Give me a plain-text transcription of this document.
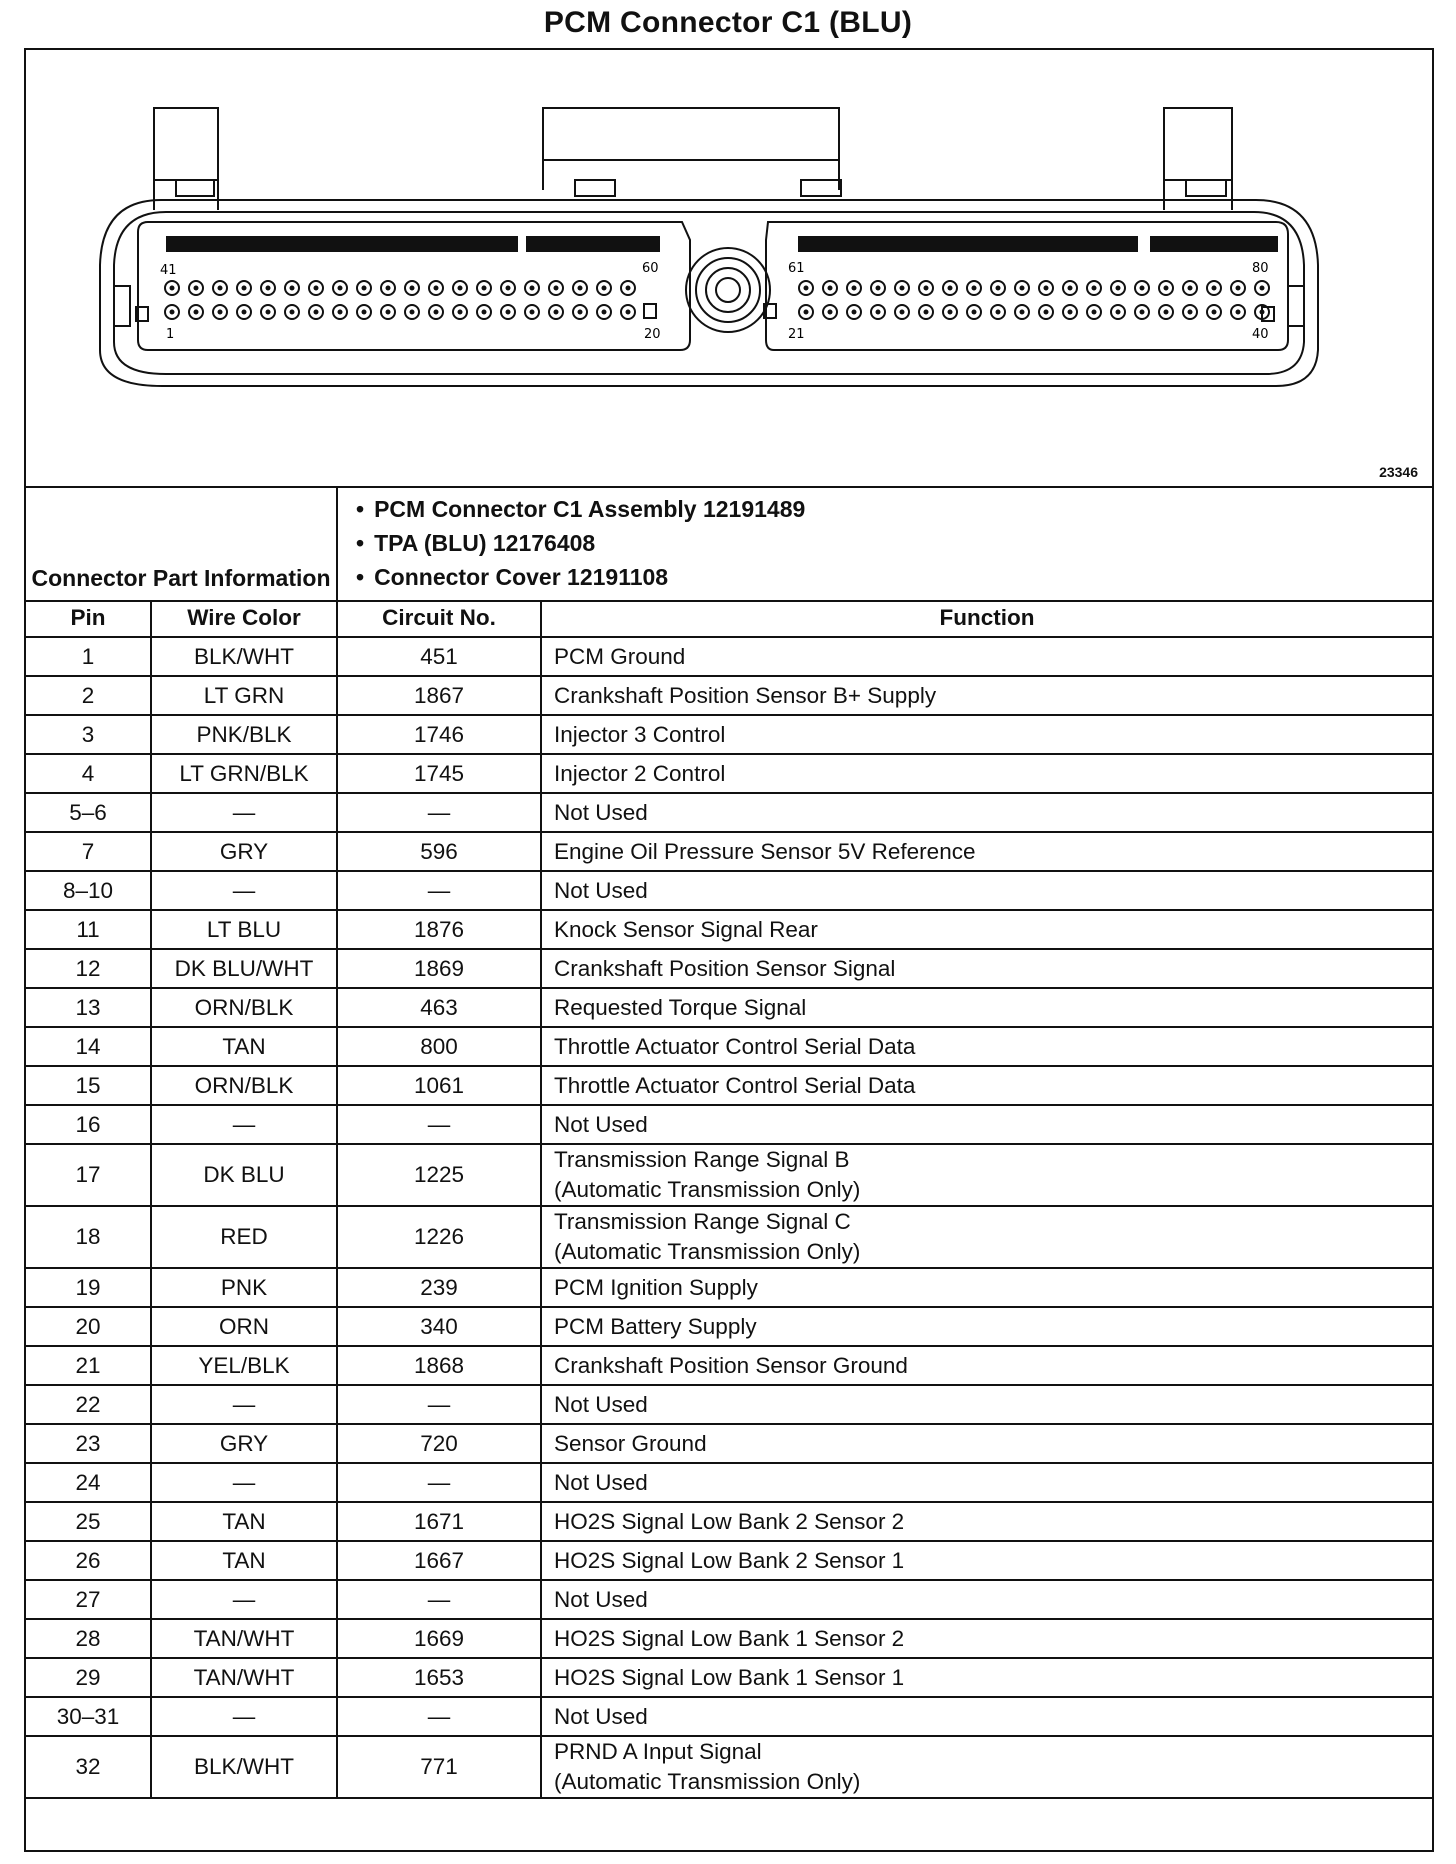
PCM Connector C1 (BLU)
41	60
1	20
61	80
21	40
23346
Connector Part Information
• PCM Connector C1 Assembly 12191489
• TPA (BLU) 12176408
• Connector Cover 12191108
Pin	Wire Color	Circuit No.	Function
1	BLK/WHT	451	PCM Ground

2	LT GRN	1867	Crankshaft Position Sensor B+ Supply

3	PNK/BLK	1746	Injector 3 Control

4	LT GRN/BLK	1745	Injector 2 Control

5–6	—	—	Not Used

7	GRY	596	Engine Oil Pressure Sensor 5V Reference

8–10	—	—	Not Used

11	LT BLU	1876	Knock Sensor Signal Rear

12	DK BLU/WHT	1869	Crankshaft Position Sensor Signal

13	ORN/BLK	463	Requested Torque Signal

14	TAN	800	Throttle Actuator Control Serial Data

15	ORN/BLK	1061	Throttle Actuator Control Serial Data

16	—	—	Not Used

17	DK BLU	1225	Transmission Range Signal B
(Automatic Transmission Only)

18	RED	1226	Transmission Range Signal C
(Automatic Transmission Only)

19	PNK	239	PCM Ignition Supply

20	ORN	340	PCM Battery Supply

21	YEL/BLK	1868	Crankshaft Position Sensor Ground

22	—	—	Not Used

23	GRY	720	Sensor Ground

24	—	—	Not Used

25	TAN	1671	HO2S Signal Low Bank 2 Sensor 2

26	TAN	1667	HO2S Signal Low Bank 2 Sensor 1

27	—	—	Not Used

28	TAN/WHT	1669	HO2S Signal Low Bank 1 Sensor 2

29	TAN/WHT	1653	HO2S Signal Low Bank 1 Sensor 1

30–31	—	—	Not Used

32	BLK/WHT	771	PRND A Input Signal
(Automatic Transmission Only)
